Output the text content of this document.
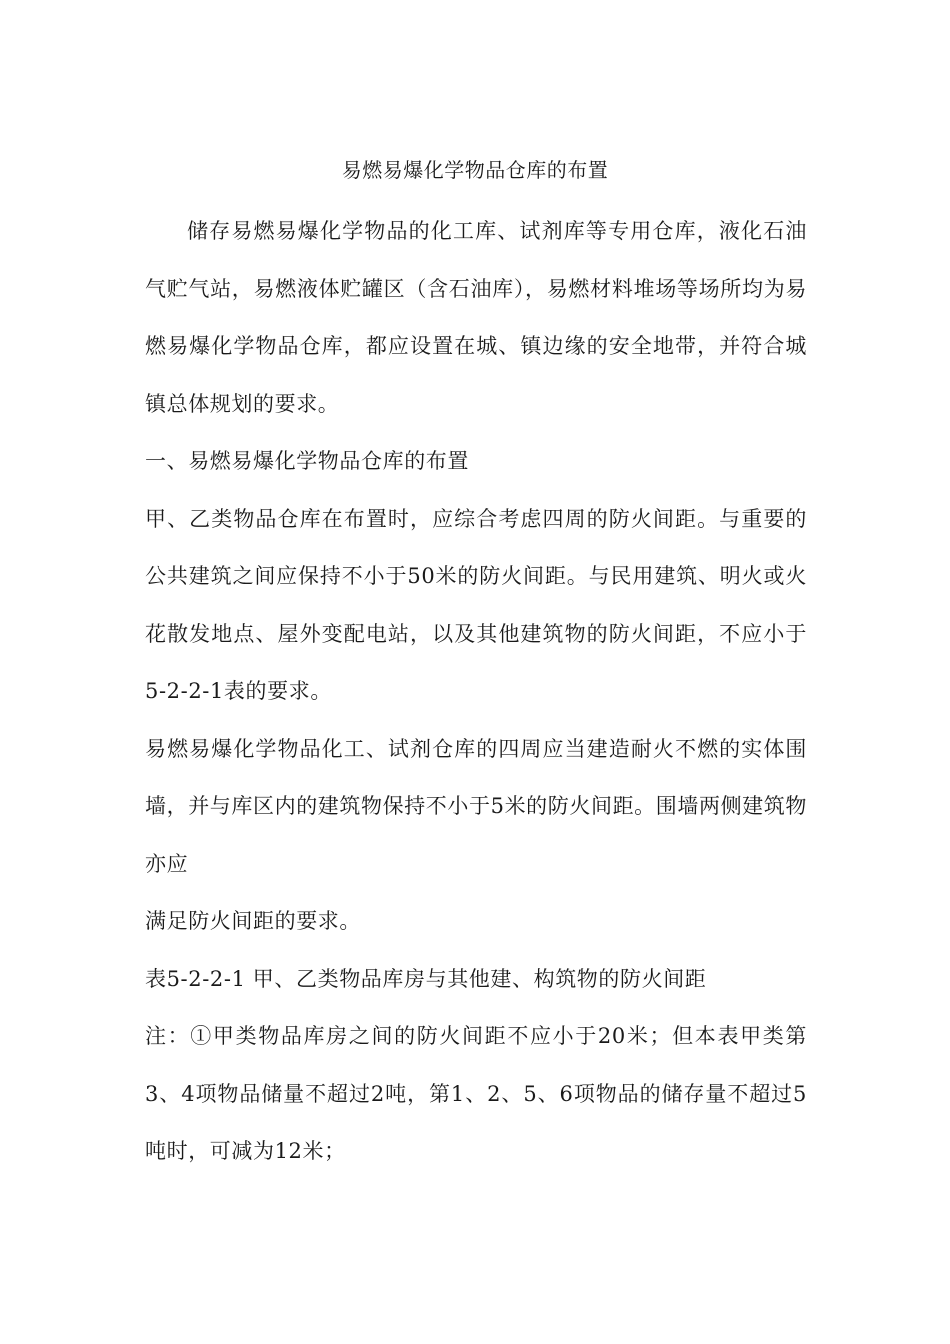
易燃易爆化学物品仓库的布置

储存易燃易爆化学物品的化工库、试剂库等专用仓库，液化石油气贮气站，易燃液体贮罐区（含石油库），易燃材料堆场等场所均为易燃易爆化学物品仓库，都应设置在城、镇边缘的安全地带，并符合城镇总体规划的要求。

一、易燃易爆化学物品仓库的布置

甲、乙类物品仓库在布置时，应综合考虑四周的防火间距。与重要的公共建筑之间应保持不小于50米的防火间距。与民用建筑、明火或火花散发地点、屋外变配电站，以及其他建筑物的防火间距，不应小于5-2-2-1表的要求。

易燃易爆化学物品化工、试剂仓库的四周应当建造耐火不燃的实体围墙，并与库区内的建筑物保持不小于5米的防火间距。围墙两侧建筑物亦应

满足防火间距的要求。

表5-2-2-1 甲、乙类物品库房与其他建、构筑物的防火间距

注：①甲类物品库房之间的防火间距不应小于20米；但本表甲类第3、4项物品储量不超过2吨，第1、2、5、6项物品的储存量不超过5吨时，可减为12米；
